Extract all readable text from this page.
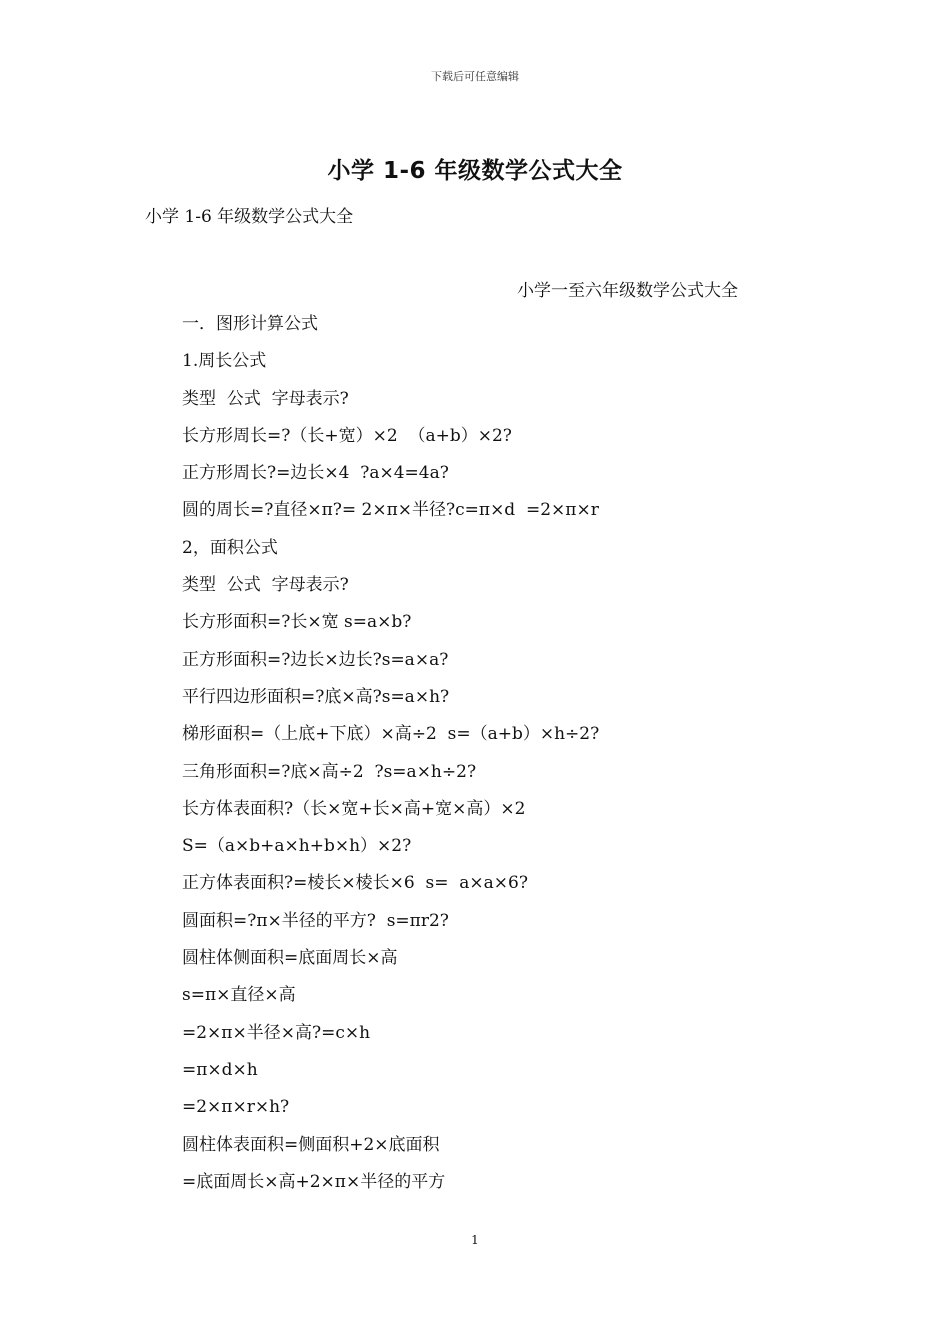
下载后可任意编辑
小学 1-6 年级数学公式大全
小学 1-6 年级数学公式大全
小学一至六年级数学公式大全
一．图形计算公式
1.周长公式
类型  公式  字母表示?
长方形周长=?（长+宽）×2  （a+b）×2?
正方形周长?=边长×4  ?a×4=4a?
圆的周长=?直径×π?= 2×π×半径?c=π×d  =2×π×r
2，面积公式
类型  公式  字母表示?
长方形面积=?长×宽 s=a×b?
正方形面积=?边长×边长?s=a×a?
平行四边形面积=?底×高?s=a×h?
梯形面积=（上底+下底）×高÷2  s=（a+b）×h÷2?
三角形面积=?底×高÷2  ?s=a×h÷2?
长方体表面积?（长×宽+长×高+宽×高）×2
S=（a×b+a×h+b×h）×2?
正方体表面积?=棱长×棱长×6  s=  a×a×6?
圆面积=?π×半径的平方?  s=πr2?
圆柱体侧面积=底面周长×高
s=π×直径×高
=2×π×半径×高?=c×h
=π×d×h
=2×π×r×h?
圆柱体表面积=侧面积+2×底面积
=底面周长×高+2×π×半径的平方
1
